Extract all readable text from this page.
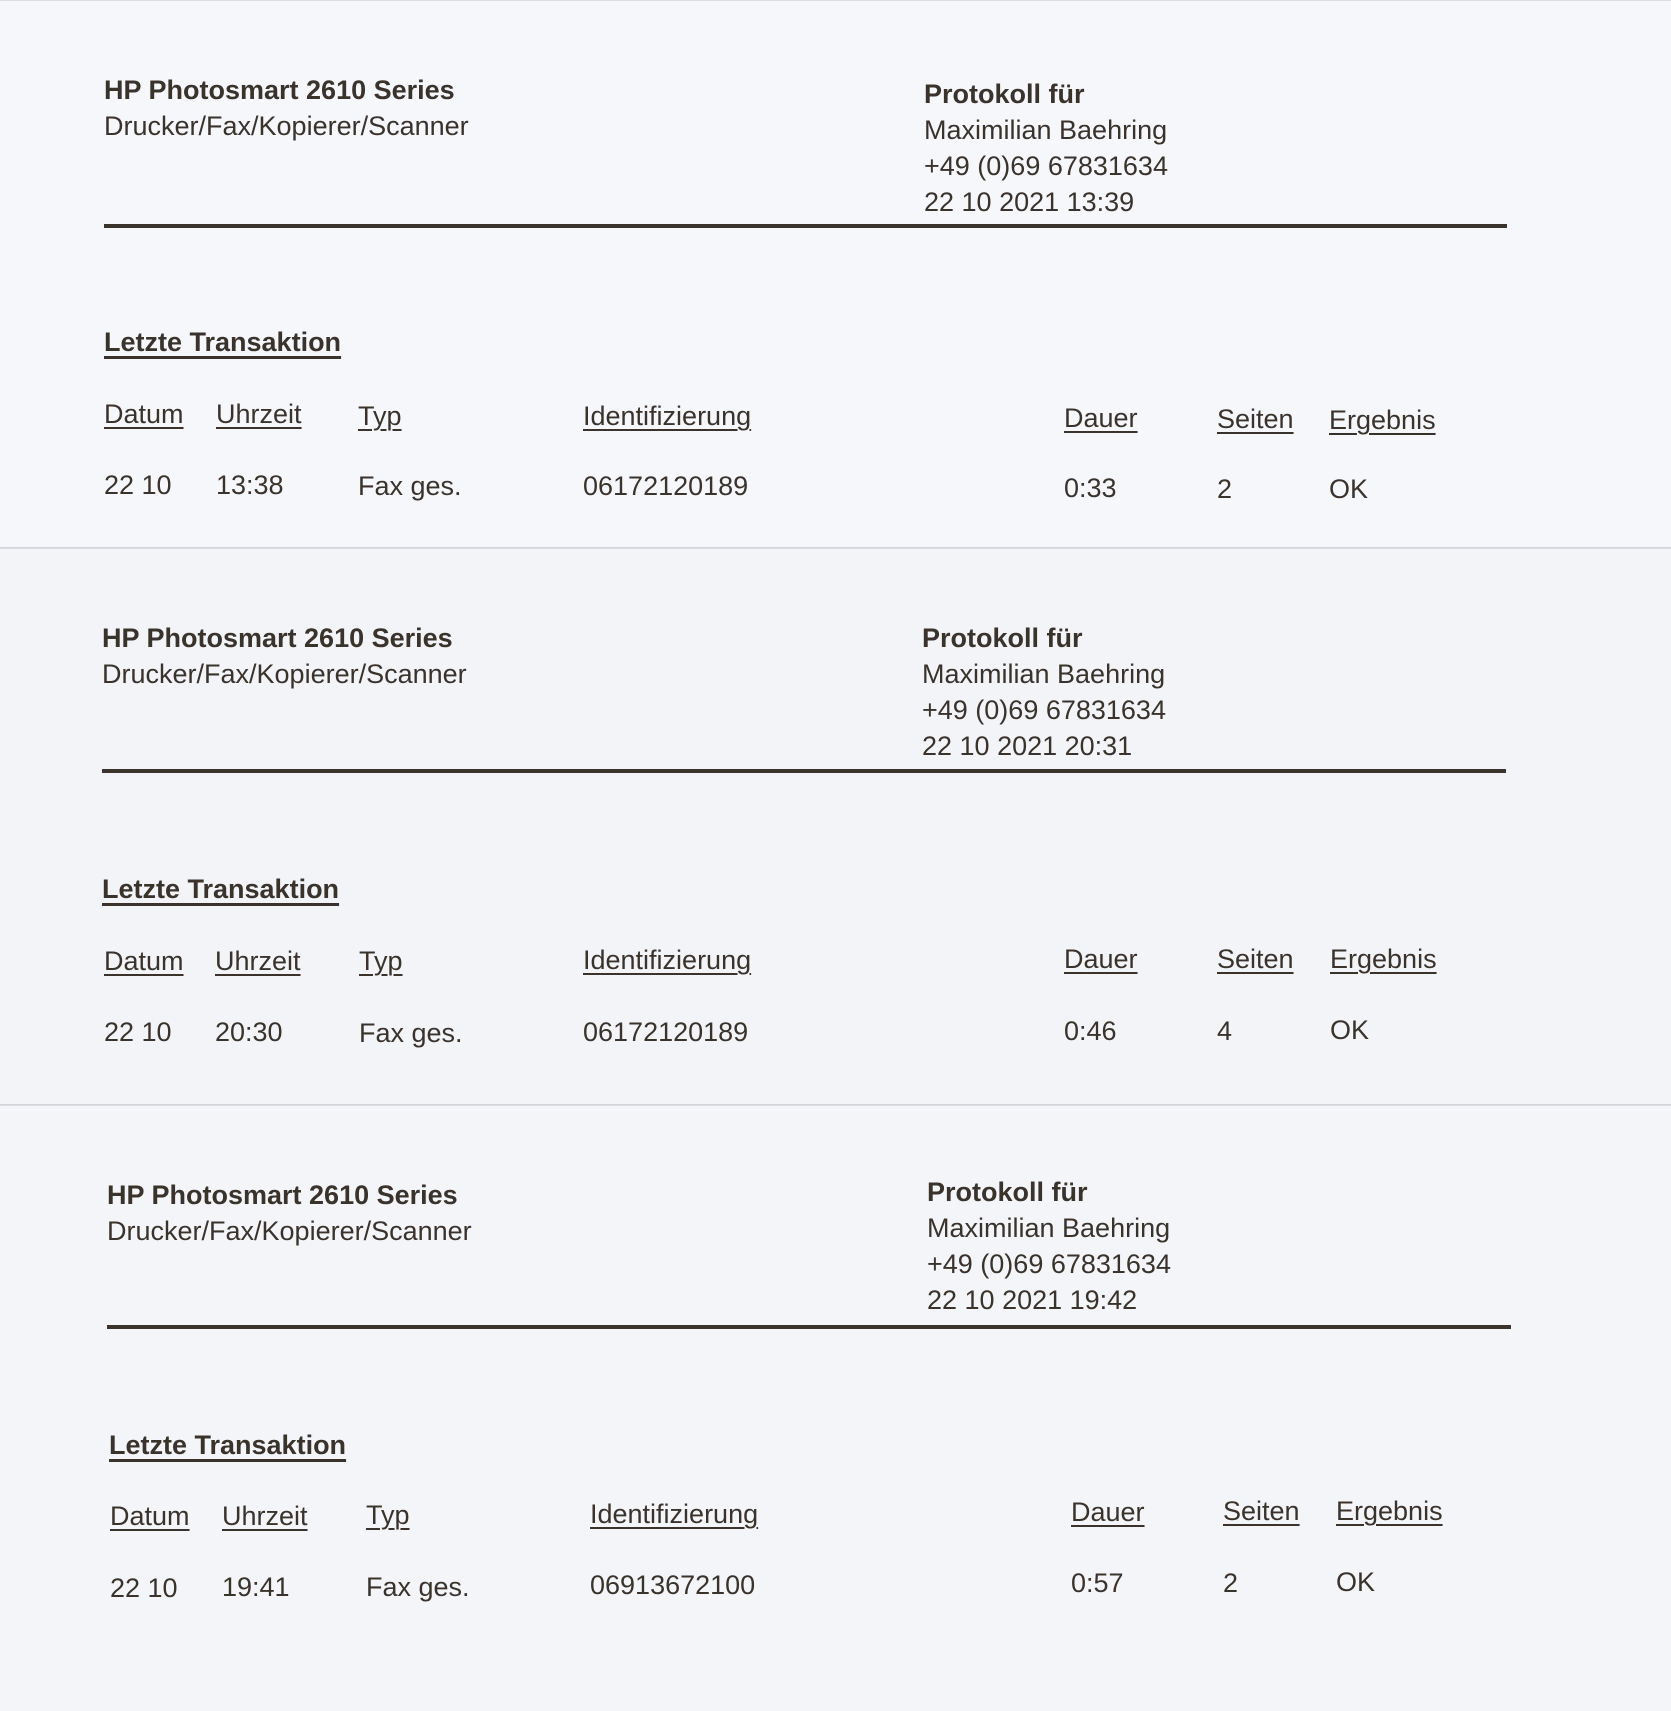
HP Photosmart 2610 Series
Drucker/Fax/Kopierer/Scanner
Protokoll für
Maximilian Baehring
+49 (0)69 67831634
22 10 2021 13:39
Letzte Transaktion
Datum Uhrzeit Typ	Identifizierung	Dauer	Seiten Ergebnis
22 10 13:38	Fax ges.	06172120189	0:33	2	OK
HP Photosmart 2610 Series
Drucker/Fax/Kopierer/Scanner
Protokoll für
Maximilian Baehring
+49 (0)69 67831634
22 10 2021 20:31
Letzte Transaktion
Datum Uhrzeit Typ	Identifizierung	Dauer	Seiten Ergebnis
22 10 20:30	Fax ges.	06172120189	0:46	4	OK
HP Photosmart 2610 Series
Drucker/Fax/Kopierer/Scanner
Protokoll für
Maximilian Baehring
+49 (0)69 67831634
22 10 2021 19:42
Letzte Transaktion
Datum Uhrzeit Typ	Identifizierung	Dauer	Seiten Ergebnis
22 10 19:41	Fax ges.	06913672100	0:57	2	OK
